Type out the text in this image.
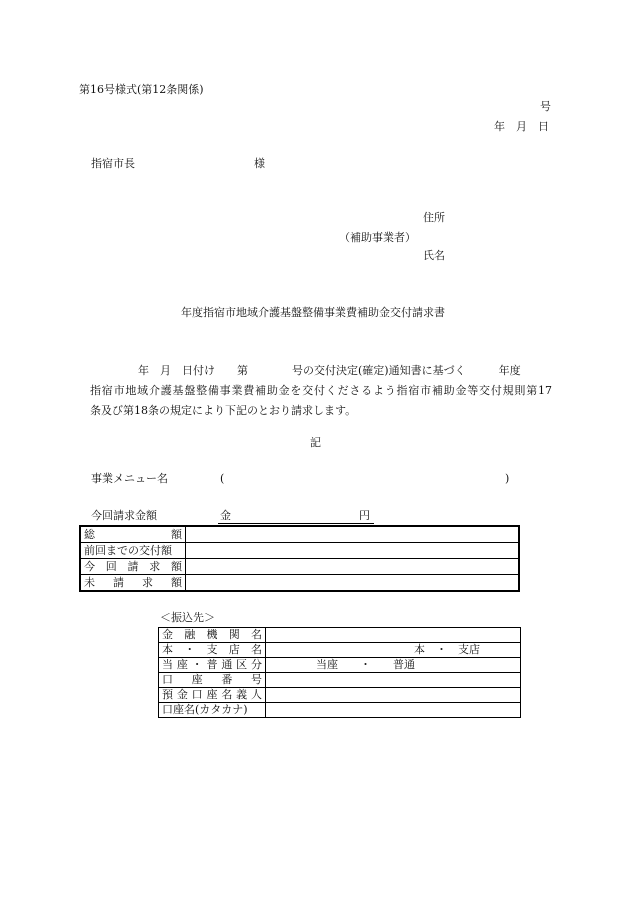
第16号様式(第12条関係)
号
年　月　日
指宿市長	様
住所
（補助事業者）
氏名
年度指宿市地域介護基盤整備事業費補助金交付請求書
年　月　日付け　　第　　　　号の交付決定(確定)通知書に基づく　　　年度
指宿市地域介護基盤整備事業費補助金を交付くださるよう指宿市補助金等交付規則第17
条及び第18条の規定により下記のとおり請求します。
記
事業メニュー名	(	)
今回請求金額	金	円
総　　　　額	
前回までの交付額	
今 回 請 求 額	
未 請 求 額	
＜振込先＞
金融機関名	
本・支店名	本　・　支店
当座・普通区分	当座　　・　　普通
口座番号	
預金口座名義人	
口座名(カタカナ)	
